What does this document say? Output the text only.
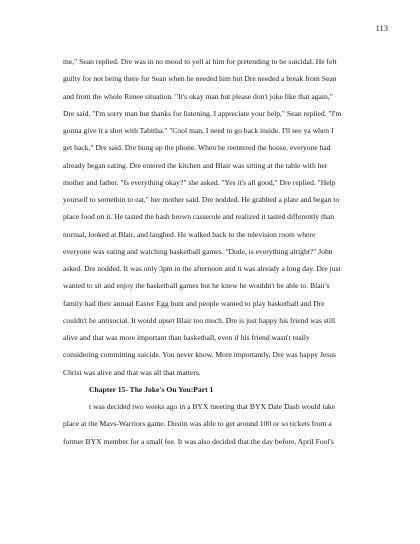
113
me," Sean replied. Dre was in no mood to yell at him for pretending to be suicidal. He felt
guilty for not being there for Sean when he needed him but Dre needed a break from Sean
and from the whole Renee situation. "It's okay man but please don't joke like that again,"
Dre said. "I'm sorry man but thanks for listening. I appreciate your help," Sean replied. "I'm
gonna give it a shot with Tabitha." "Cool man, I need to go back inside. I'll see ya when I
get back," Dre said. Dre hung up the phone. When he reentered the house, everyone had
already began eating. Dre entered the kitchen and Blair was sitting at the table with her
mother and father. "Is everything okay?" she asked. "Yes it's all good," Dre replied. "Help
yourself to somethin to eat," her mother said. Dre nodded. He grabbed a plate and began to
place food on it. He tasted the hash brown casserole and realized it tasted differently than
normal, looked at Blair, and laughed. He walked back to the television room where
everyone was eating and watching basketball games. "Dude, is everything alright?" John
asked. Dre nodded. It was only 3pm in the afternoon and it was already a long day. Dre just
wanted to sit and enjoy the basketball games but he knew he wouldn't be able to. Blair's
family had their annual Easter Egg hunt and people wanted to play basketball and Dre
couldn't be antisocial. It would upset Blair too much. Dre is just happy his friend was still
alive and that was more important than basketball, even if his friend wasn't really
considering committing suicide. You never know. More importantly, Dre was happy Jesus
Christ was alive and that was all that matters.
Chapter 15- The Joke's On You:Part 1
t was decided two weeks ago in a BYX meeting that BYX Date Dash would take
place at the Mavs-Warriors game. Dustin was able to get around 100 or so tickets from a
former BYX member for a small fee. It was also decided that the day before, April Fool's
